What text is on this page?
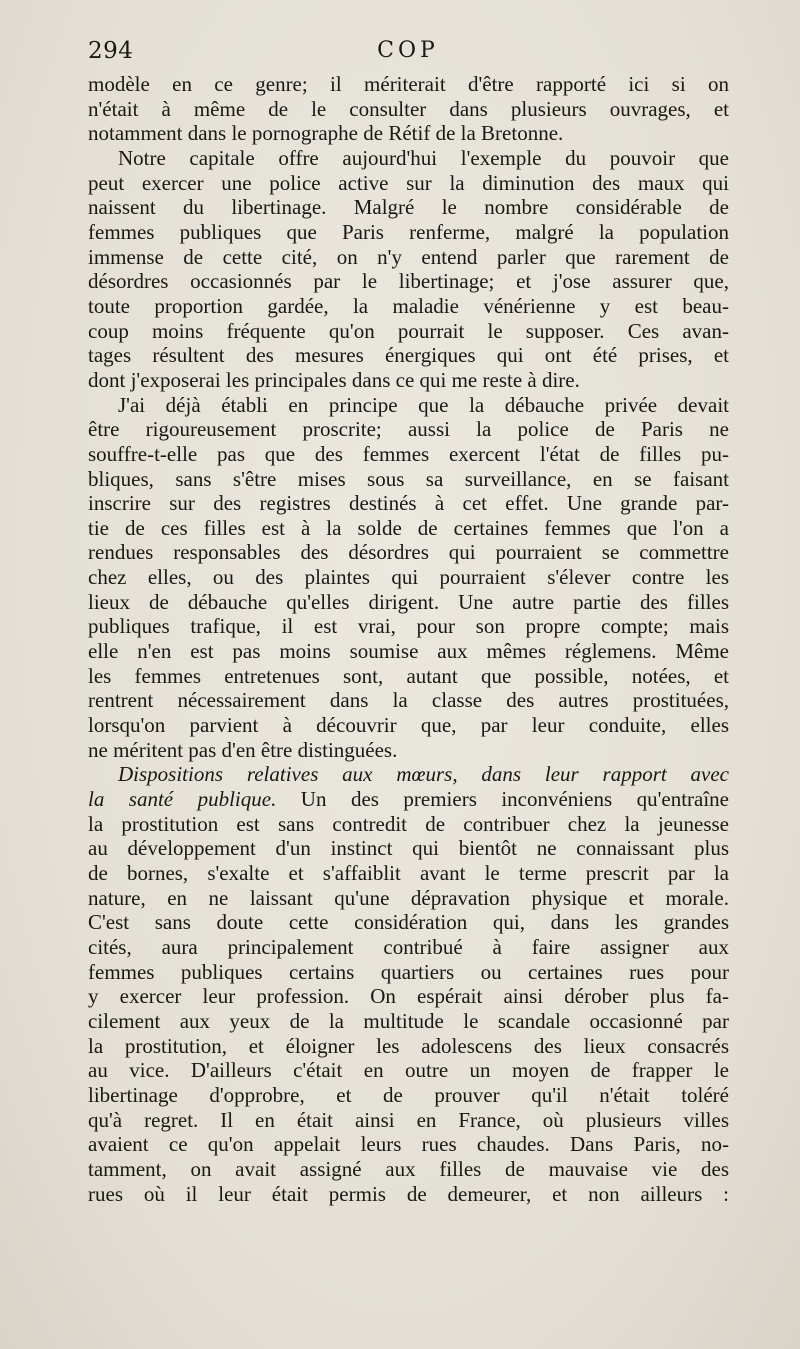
294	COP
modèle en ce genre; il mériterait d'être rapporté ici si on
n'était à même de le consulter dans plusieurs ouvrages, et
notamment dans le pornographe de Rétif de la Bretonne.
Notre capitale offre aujourd'hui l'exemple du pouvoir que
peut exercer une police active sur la diminution des maux qui
naissent du libertinage. Malgré le nombre considérable de
femmes publiques que Paris renferme, malgré la population
immense de cette cité, on n'y entend parler que rarement de
désordres occasionnés par le libertinage; et j'ose assurer que,
toute proportion gardée, la maladie vénérienne y est beau-
coup moins fréquente qu'on pourrait le supposer. Ces avan-
tages résultent des mesures énergiques qui ont été prises, et
dont j'exposerai les principales dans ce qui me reste à dire.
J'ai déjà établi en principe que la débauche privée devait
être rigoureusement proscrite; aussi la police de Paris ne
souffre-t-elle pas que des femmes exercent l'état de filles pu-
bliques, sans s'être mises sous sa surveillance, en se faisant
inscrire sur des registres destinés à cet effet. Une grande par-
tie de ces filles est à la solde de certaines femmes que l'on a
rendues responsables des désordres qui pourraient se commettre
chez elles, ou des plaintes qui pourraient s'élever contre les
lieux de débauche qu'elles dirigent. Une autre partie des filles
publiques trafique, il est vrai, pour son propre compte; mais
elle n'en est pas moins soumise aux mêmes réglemens. Même
les femmes entretenues sont, autant que possible, notées, et
rentrent nécessairement dans la classe des autres prostituées,
lorsqu'on parvient à découvrir que, par leur conduite, elles
ne méritent pas d'en être distinguées.
Dispositions relatives aux mœurs, dans leur rapport avec
la santé publique. Un des premiers inconvéniens qu'entraîne
la prostitution est sans contredit de contribuer chez la jeunesse
au développement d'un instinct qui bientôt ne connaissant plus
de bornes, s'exalte et s'affaiblit avant le terme prescrit par la
nature, en ne laissant qu'une dépravation physique et morale.
C'est sans doute cette considération qui, dans les grandes
cités, aura principalement contribué à faire assigner aux
femmes publiques certains quartiers ou certaines rues pour
y exercer leur profession. On espérait ainsi dérober plus fa-
cilement aux yeux de la multitude le scandale occasionné par
la prostitution, et éloigner les adolescens des lieux consacrés
au vice. D'ailleurs c'était en outre un moyen de frapper le
libertinage d'opprobre, et de prouver qu'il n'était toléré
qu'à regret. Il en était ainsi en France, où plusieurs villes
avaient ce qu'on appelait leurs rues chaudes. Dans Paris, no-
tamment, on avait assigné aux filles de mauvaise vie des
rues où il leur était permis de demeurer, et non ailleurs :
